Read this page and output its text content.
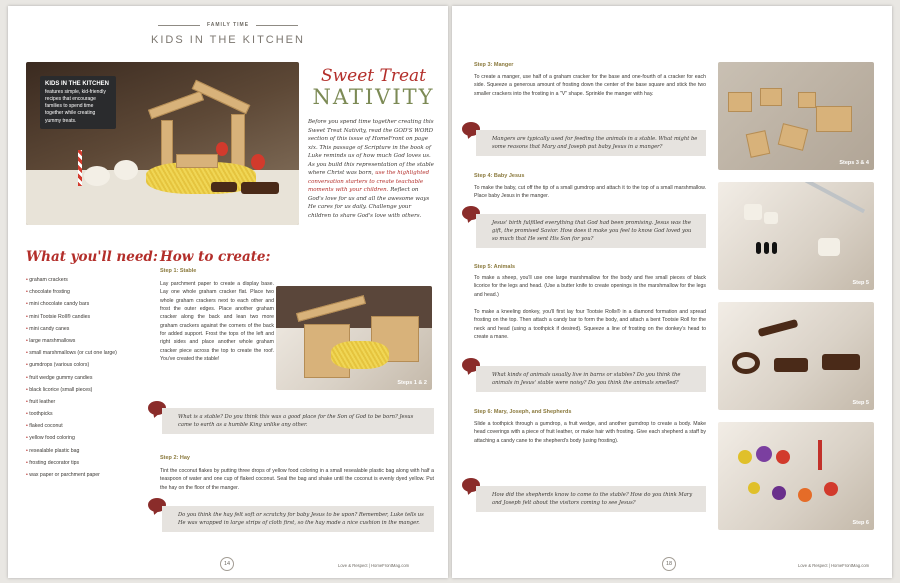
FAMILY TIME
KIDS IN THE KITCHEN
KIDS IN THE KITCHEN
features simple, kid-friendly recipes that encourage families to spend time together while creating yummy treats.
Sweet Treat
NATIVITY
Before you spend time together creating this Sweet Treat Nativity, read the GOD'S WORD section of this issue of HomeFront on page xix. This passage of Scripture in the book of Luke reminds us of how much God loves us. As you build this representation of the stable where Christ was born, use the highlighted conversation starters to create teachable moments with your children. Reflect on God's love for us and all the awesome ways He cares for us daily. Challenge your children to share God's love with others.
What you'll need:
• graham crackers
• chocolate frosting
• mini chocolate candy bars
• mini Tootsie Roll® candies
• mini candy canes
• large marshmallows
• small marshmallows (or cut one large)
• gumdrops (various colors)
• fruit wedge gummy candies
• black licorice (small pieces)
• fruit leather
• toothpicks
• flaked coconut
• yellow food coloring
• resealable plastic bag
• frosting decorator tips
• wax paper or parchment paper
How to create:
Step 1: Stable
Lay parchment paper to create a display base. Lay one whole graham cracker flat. Place two whole graham crackers next to each other and frost the outer edges. Place another graham cracker along the back and lean two more graham crackers against the corners of the back for added support. Frost the tops of the left and right sides and place another whole graham cracker piece across the top to create the roof. You've created the stable!
Steps 1 & 2
What is a stable? Do you think this was a good place for the Son of God to be born? Jesus came to earth as a humble King unlike any other.
Step 2: Hay
Tint the coconut flakes by putting three drops of yellow food coloring in a small resealable plastic bag along with half a teaspoon of water and one cup of flaked coconut. Seal the bag and shake until the coconut is evenly dyed yellow. Put the hay on the floor of the manger.
Do you think the hay felt soft or scratchy for baby Jesus to be upon? Remember, Luke tells us He was wrapped in large strips of cloth first, so the hay made a nice cushion in the manger.
14	Love & Respect | HomeFrontMag.com
Step 3: Manger
To create a manger, use half of a graham cracker for the base and one-fourth of a cracker for each side. Squeeze a generous amount of frosting down the center of the base square and stick the two smaller crackers into the frosting in a "V" shape. Sprinkle the manger with hay.
Mangers are typically used for feeding the animals in a stable. What might be some reasons that Mary and Joseph put baby Jesus in a manger?
Step 4: Baby Jesus
To make the baby, cut off the tip of a small gumdrop and attach it to the top of a small marshmallow. Place baby Jesus in the manger.
Jesus' birth fulfilled everything that God had been promising. Jesus was the gift, the promised Savior. How does it make you feel to know God loved you so much that He sent His Son for you?
Step 5: Animals
To make a sheep, you'll use one large marshmallow for the body and five small pieces of black licorice for the legs and head. (Use a butter knife to create openings in the marshmallow for the legs and head.)
To make a kneeling donkey, you'll first lay four Tootsie Rolls® in a diamond formation and spread frosting on the top. Then attach a candy bar to form the body, and attach a bent Tootsie Roll for the neck and head (using a toothpick if desired). Squeeze a line of frosting on the donkey's head to create a mane.
What kinds of animals usually live in barns or stables? Do you think the animals in Jesus' stable were noisy? Do you think the animals smelled?
Step 6: Mary, Joseph, and Shepherds
Slide a toothpick through a gumdrop, a fruit wedge, and another gumdrop to create a body. Make head coverings with a piece of fruit leather, or make hair with frosting. Give each shepherd a staff by attaching a candy cane to the shepherd's body (using frosting).
How did the shepherds know to come to the stable? How do you think Mary and Joseph felt about the visitors coming to see Jesus?
Steps 3 & 4
Step 5
Step 5
Step 6
18	Love & Respect | HomeFrontMag.com
